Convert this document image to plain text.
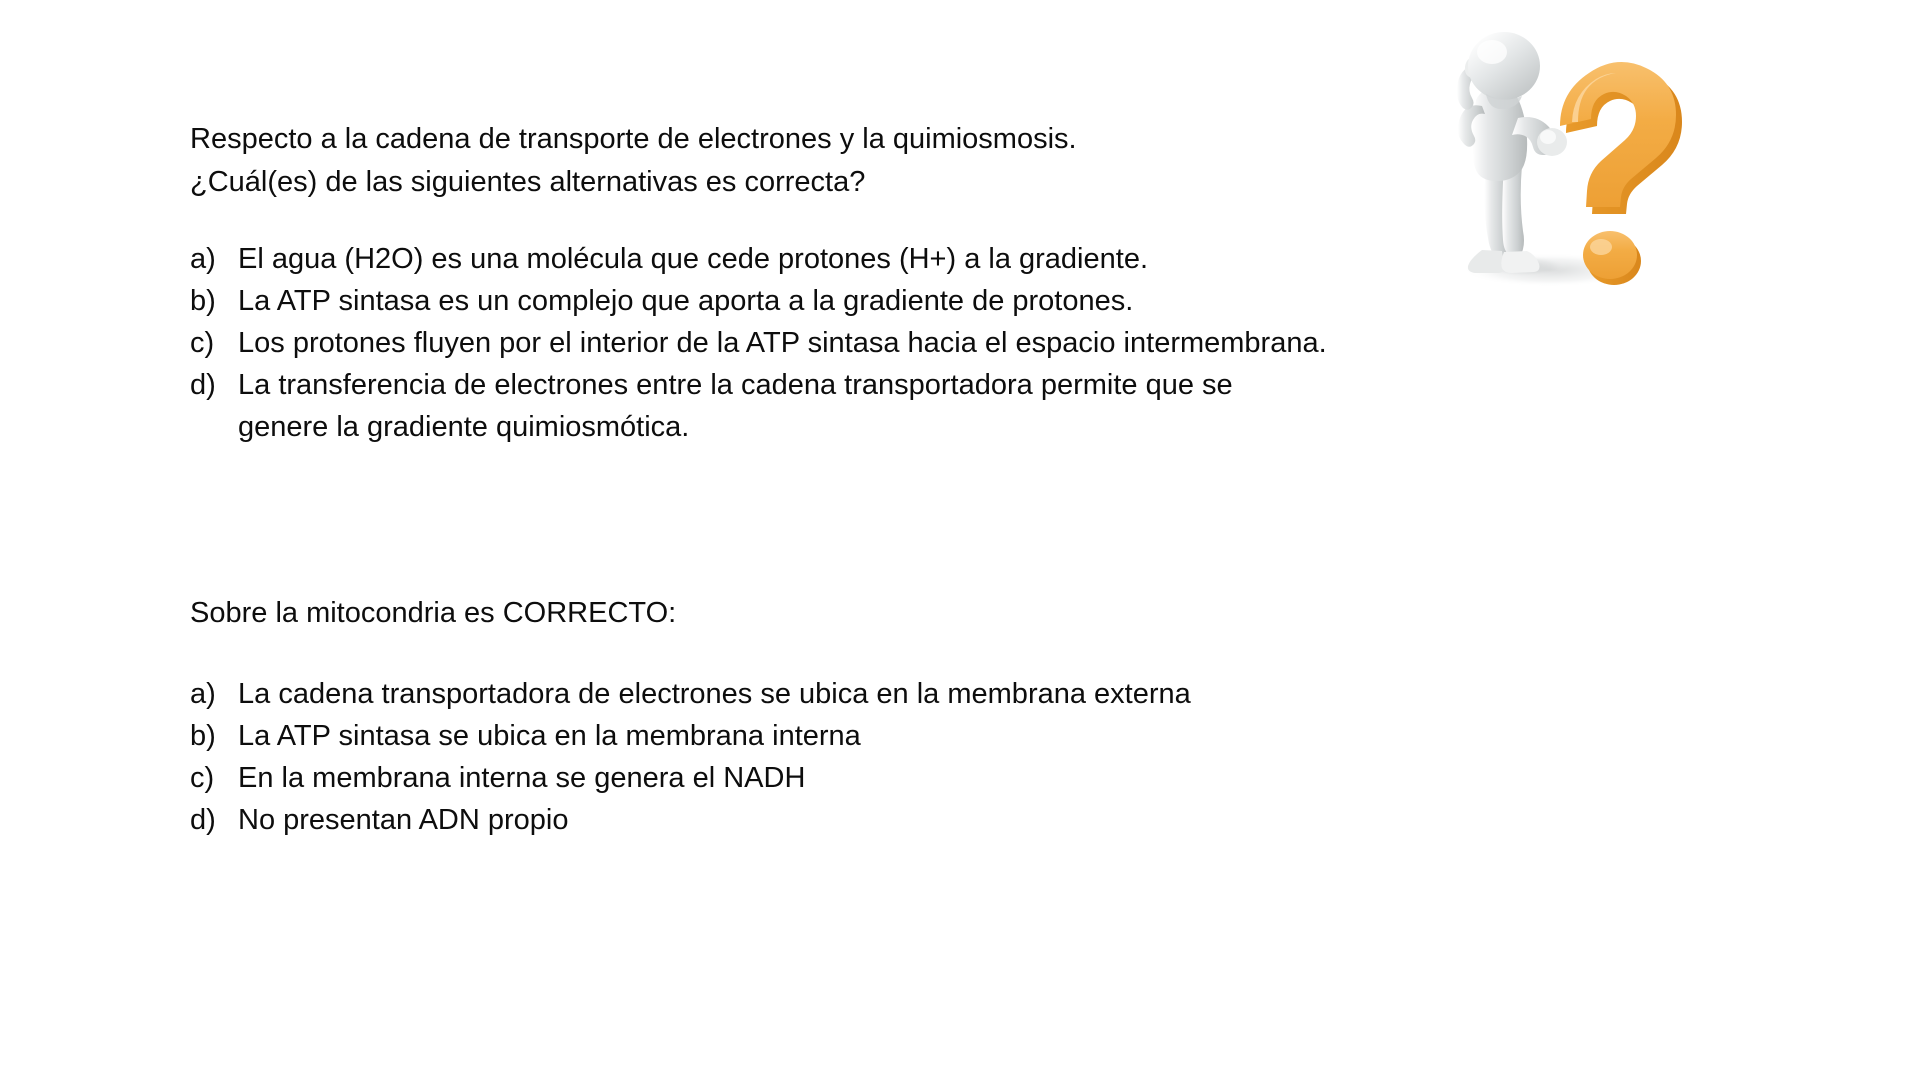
Respecto a la cadena de transporte de electrones y la quimiosmosis.
¿Cuál(es) de las siguientes alternativas es correcta?
a) El agua (H2O) es una molécula que cede protones (H+) a la gradiente.
b) La ATP sintasa es un complejo que aporta a la gradiente de protones.
c) Los protones fluyen por el interior de la ATP sintasa hacia el espacio intermembrana.
d) La transferencia de electrones entre la cadena transportadora permite que se genere la gradiente quimiosmótica.
Sobre la mitocondria es CORRECTO:
a) La cadena transportadora de electrones se ubica en la membrana externa
b) La ATP sintasa se ubica en la membrana interna
c) En la membrana interna se genera el NADH
d) No presentan ADN propio
